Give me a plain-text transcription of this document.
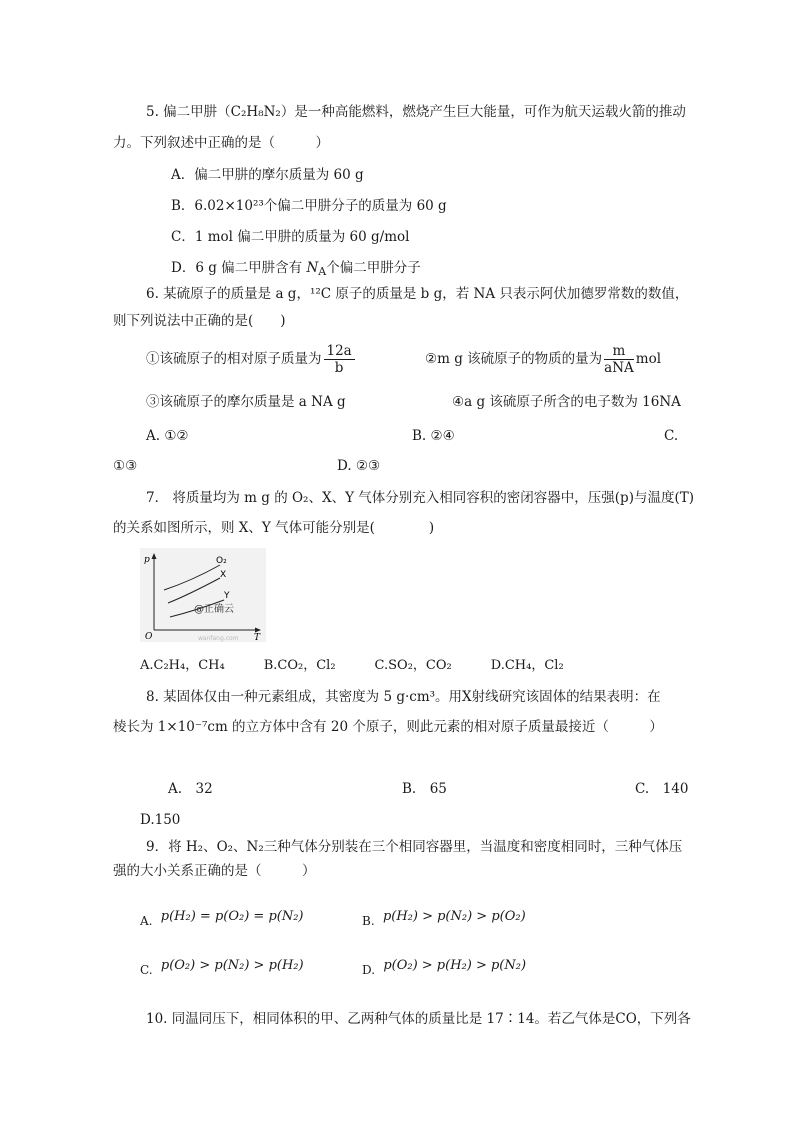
5. 偏二甲肼（C₂H₈N₂）是一种高能燃料，燃烧产生巨大能量，可作为航天运载火箭的推动
力。下列叙述中正确的是（　　　）
A．偏二甲肼的摩尔质量为 60 g
B．6.02×10²³个偏二甲肼分子的质量为 60 g
C．1 mol 偏二甲肼的质量为 60 g/mol
D．6 g 偏二甲肼含有 $N_A$个偏二甲肼分子
6. 某硫原子的质量是 a g，¹²C 原子的质量是 b g，若 NA 只表示阿伏加德罗常数的数值，
则下列说法中正确的是(　　)
①该硫原子的相对原子质量为 $\frac{12a}{b}$	②m g 该硫原子的物质的量为 $\frac{m}{\text{aNA}}$ mol
③该硫原子的摩尔质量是 a NA g	④a g 该硫原子所含的电子数为 16NA
A. ①②	B. ②④	C.
①③	D. ②③
7． 将质量均为 m g 的 O₂、X、Y 气体分别充入相同容积的密闭容器中，压强(p)与温度(T)
的关系如图所示，则 X、Y 气体可能分别是(　　　　)
p
T
O
O₂
X
Y
@正确云
wanfang.com
A.C₂H₄，CH₄　　　B.CO₂，Cl₂　　　C.SO₂，CO₂　　　D.CH₄，Cl₂
8. 某固体仅由一种元素组成，其密度为 5 g·cm³。用X射线研究该固体的结果表明：在
棱长为 1×10⁻⁷cm 的立方体中含有 20 个原子，则此元素的相对原子质量最接近（　　　）
A.　32	B.　65	C.　140
D.150
9．将 H₂、O₂、N₂三种气体分别装在三个相同容器里，当温度和密度相同时，三种气体压
强的大小关系正确的是（　　　）
A. p(H₂) = p(O₂) = p(N₂)	B. p(H₂) > p(N₂) > p(O₂)
C. p(O₂) > p(N₂) > p(H₂)	D. p(O₂) > p(H₂) > p(N₂)
10. 同温同压下，相同体积的甲、乙两种气体的质量比是 17∶14。若乙气体是CO，下列各
